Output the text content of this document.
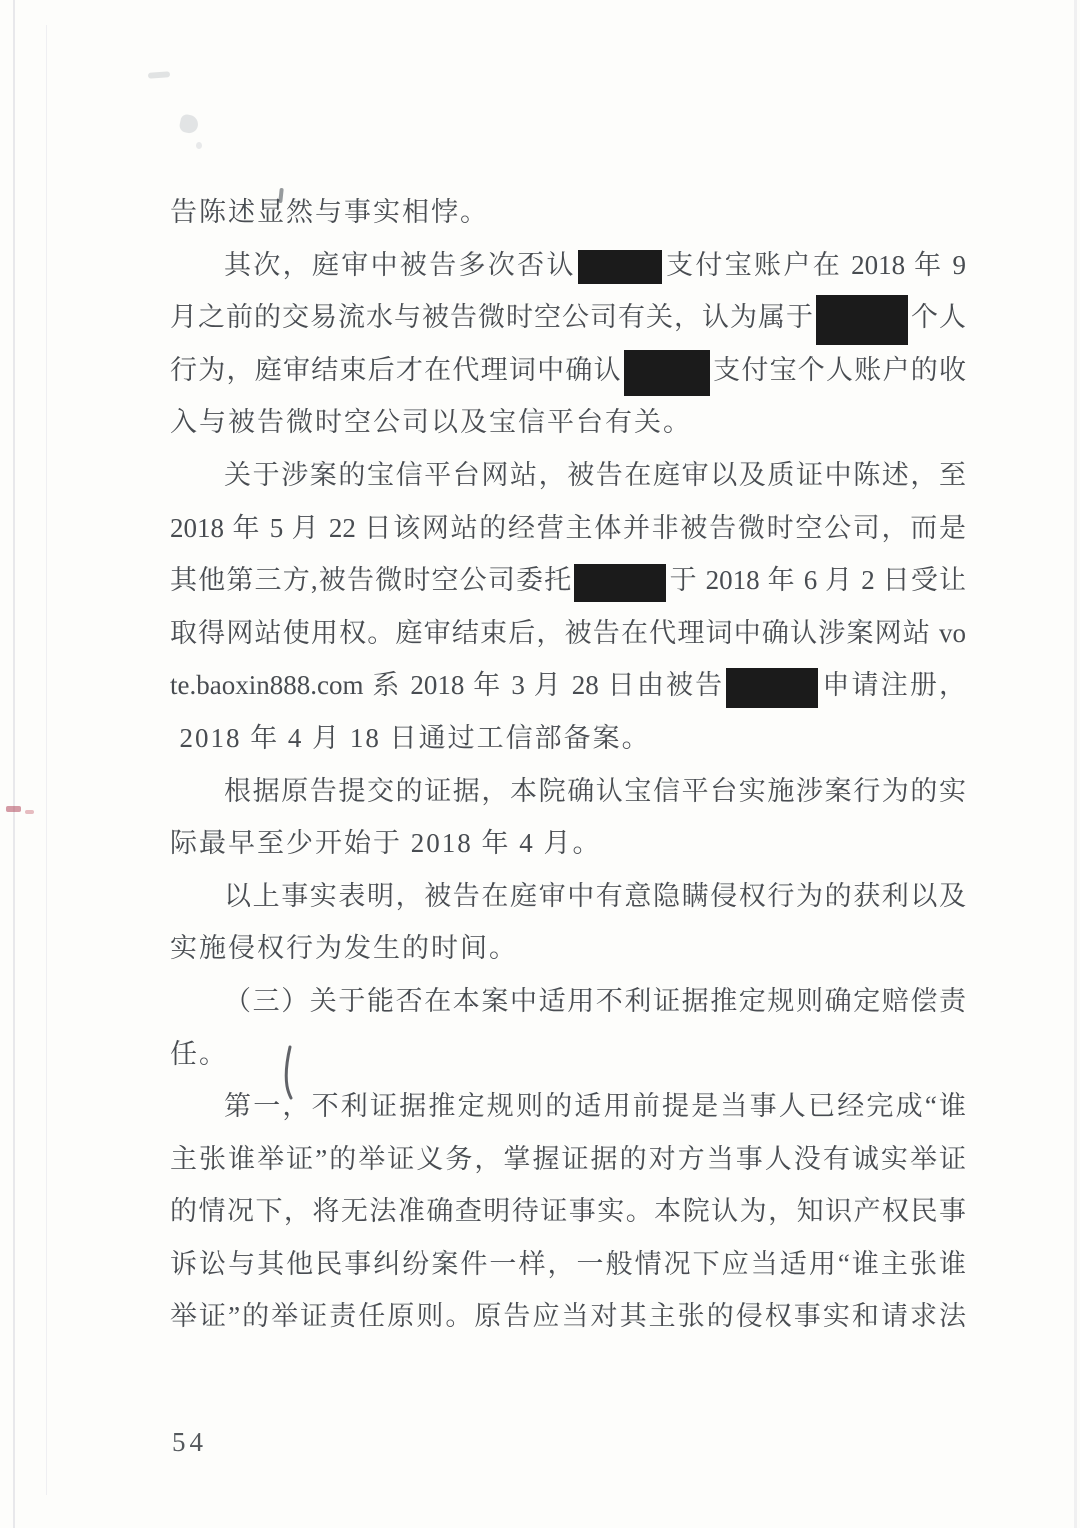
告陈述显然与事实相悖。
其次，庭审中被告多次否认	支付宝账户在 2018 年 9
月之前的交易流水与被告微时空公司有关，认为属于	个人
行为，庭审结束后才在代理词中确认	支付宝个人账户的收
入与被告微时空公司以及宝信平台有关。
关于涉案的宝信平台网站，被告在庭审以及质证中陈述，至
2018 年 5 月 22 日该网站的经营主体并非被告微时空公司，而是
其他第三方,被告微时空公司委托	于 2018 年 6 月 2 日受让
取得网站使用权。庭审结束后，被告在代理词中确认涉案网站 vo
te.baoxin888.com 系 2018 年 3 月 28 日由被告	申请注册，
2018 年 4 月 18 日通过工信部备案。
根据原告提交的证据，本院确认宝信平台实施涉案行为的实
际最早至少开始于 2018 年 4 月。
以上事实表明，被告在庭审中有意隐瞒侵权行为的获利以及
实施侵权行为发生的时间。
（三）关于能否在本案中适用不利证据推定规则确定赔偿责
任。
第一，不利证据推定规则的适用前提是当事人已经完成“谁
主张谁举证”的举证义务，掌握证据的对方当事人没有诚实举证
的情况下，将无法准确查明待证事实。本院认为，知识产权民事
诉讼与其他民事纠纷案件一样，一般情况下应当适用“谁主张谁
举证”的举证责任原则。原告应当对其主张的侵权事实和请求法
54
